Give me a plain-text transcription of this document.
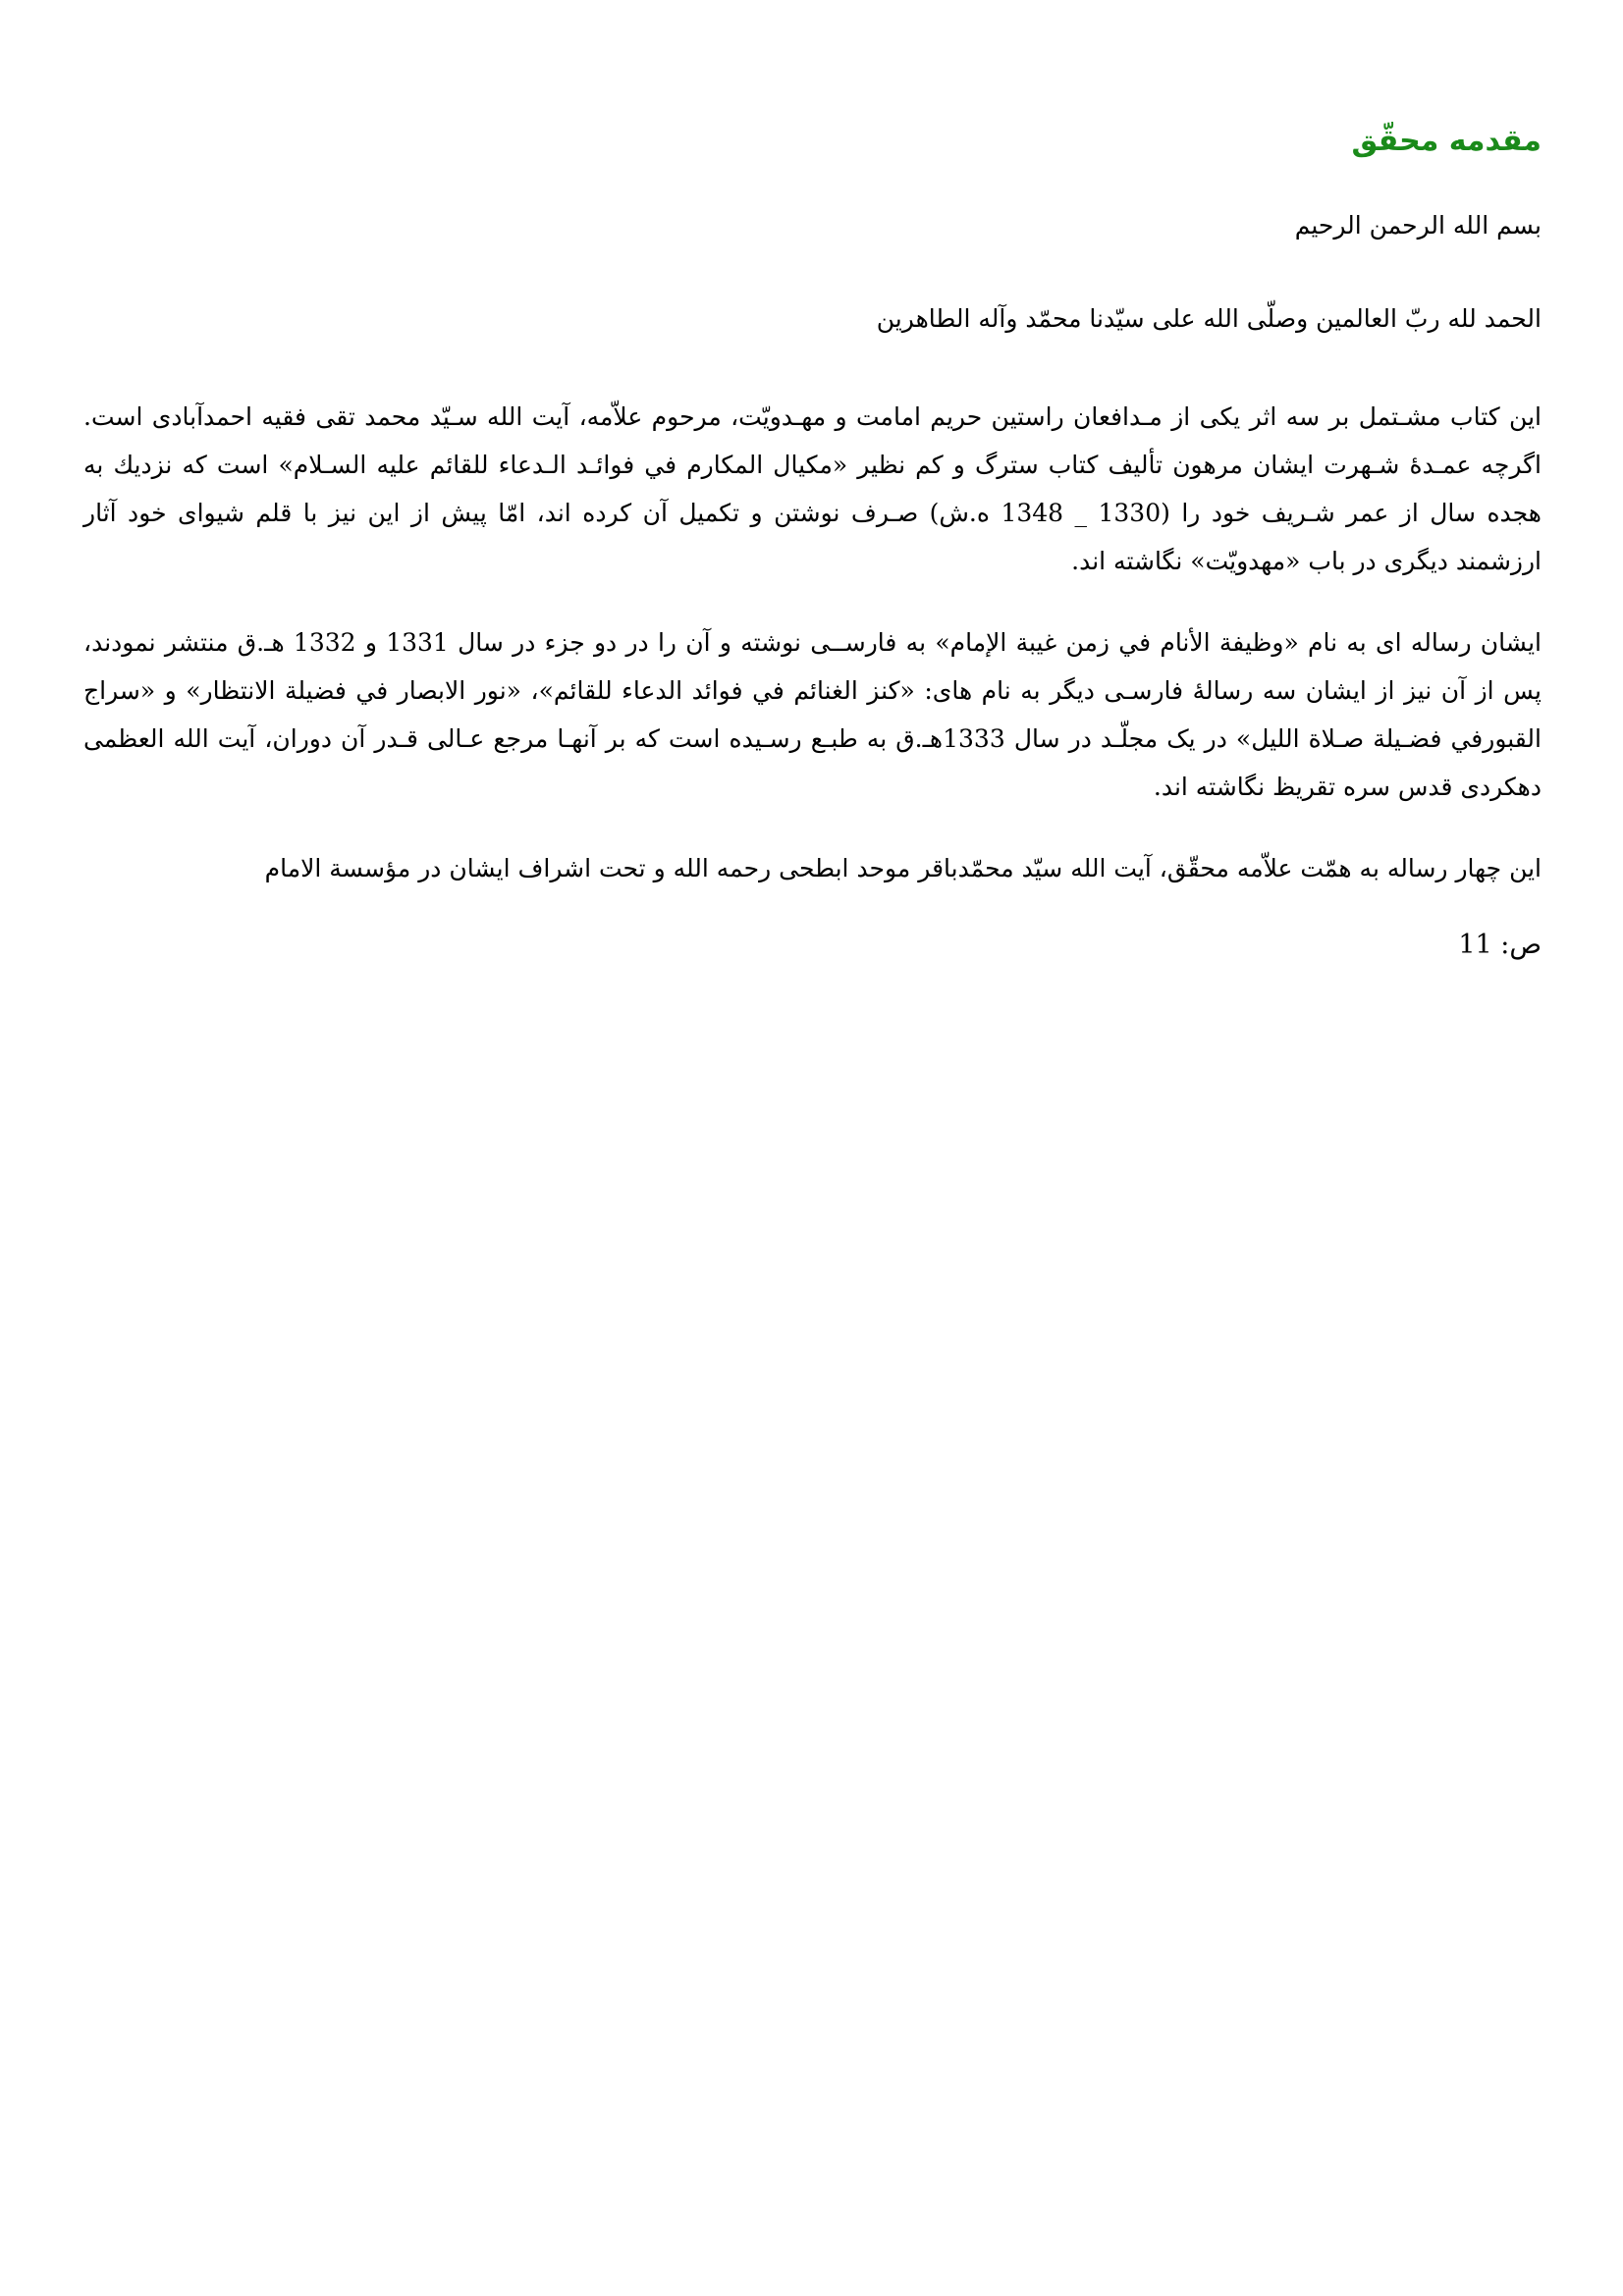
مقدمه محقّق

بسم الله الرحمن الرحيم

الحمد لله ربّ العالمين وصلّى الله على سيّدنا محمّد وآله الطاهرين

اين كتاب مشـتمل بر سه اثر يكى از مـدافعان راستين حريم امامت و مهـدويّت، مرحوم علاّمه، آيت الله سـيّد محمد تقى فقيه احمدآبادى است. اگرچه عمـدهٔ شـهرت ايشان مرهون تأليف كتاب سترگ و كم نظير «مكيال المكارم في فوائـد الـدعاء للقائم عليه السـلام» است كه نزديك به هجده سال از عمر شـريف خود را (1330 _ 1348 ه.ش) صـرف نوشتن و تكميل آن كرده اند، امّا پيش از اين نيز با قلم شيواى خود آثار ارزشمند ديگرى در باب «مهدويّت» نگاشته اند.

ايشان رساله اى به نام «وظيفة الأنام في زمن غيبة الإمام» به فارســى نوشته و آن را در دو جزء در سال 1331 و 1332 ه‍ـ.ق منتشر نمودند، پس از آن نيز از ايشان سه رسالهٔ فارسـى ديگر به نام هاى: «كنز الغنائم في فوائد الدعاء للقائم»، «نور الابصار في فضيلة الانتظار» و «سراج القبورفي فضـيلة صـلاة الليل» در يک مجلّـد در سال 1333ه‍ـ.ق به طبـع رسـيده است كه بر آنهـا مرجع عـالى قـدر آن دوران، آيت الله العظمى دهكردى قدس سره تقريظ نگاشته اند.

اين چهار رساله به همّت علاّمه محقّق، آيت الله سيّد محمّدباقر موحد ابطحى رحمه الله و تحت اشراف ايشان در مؤسسة الامام

ص: 11
